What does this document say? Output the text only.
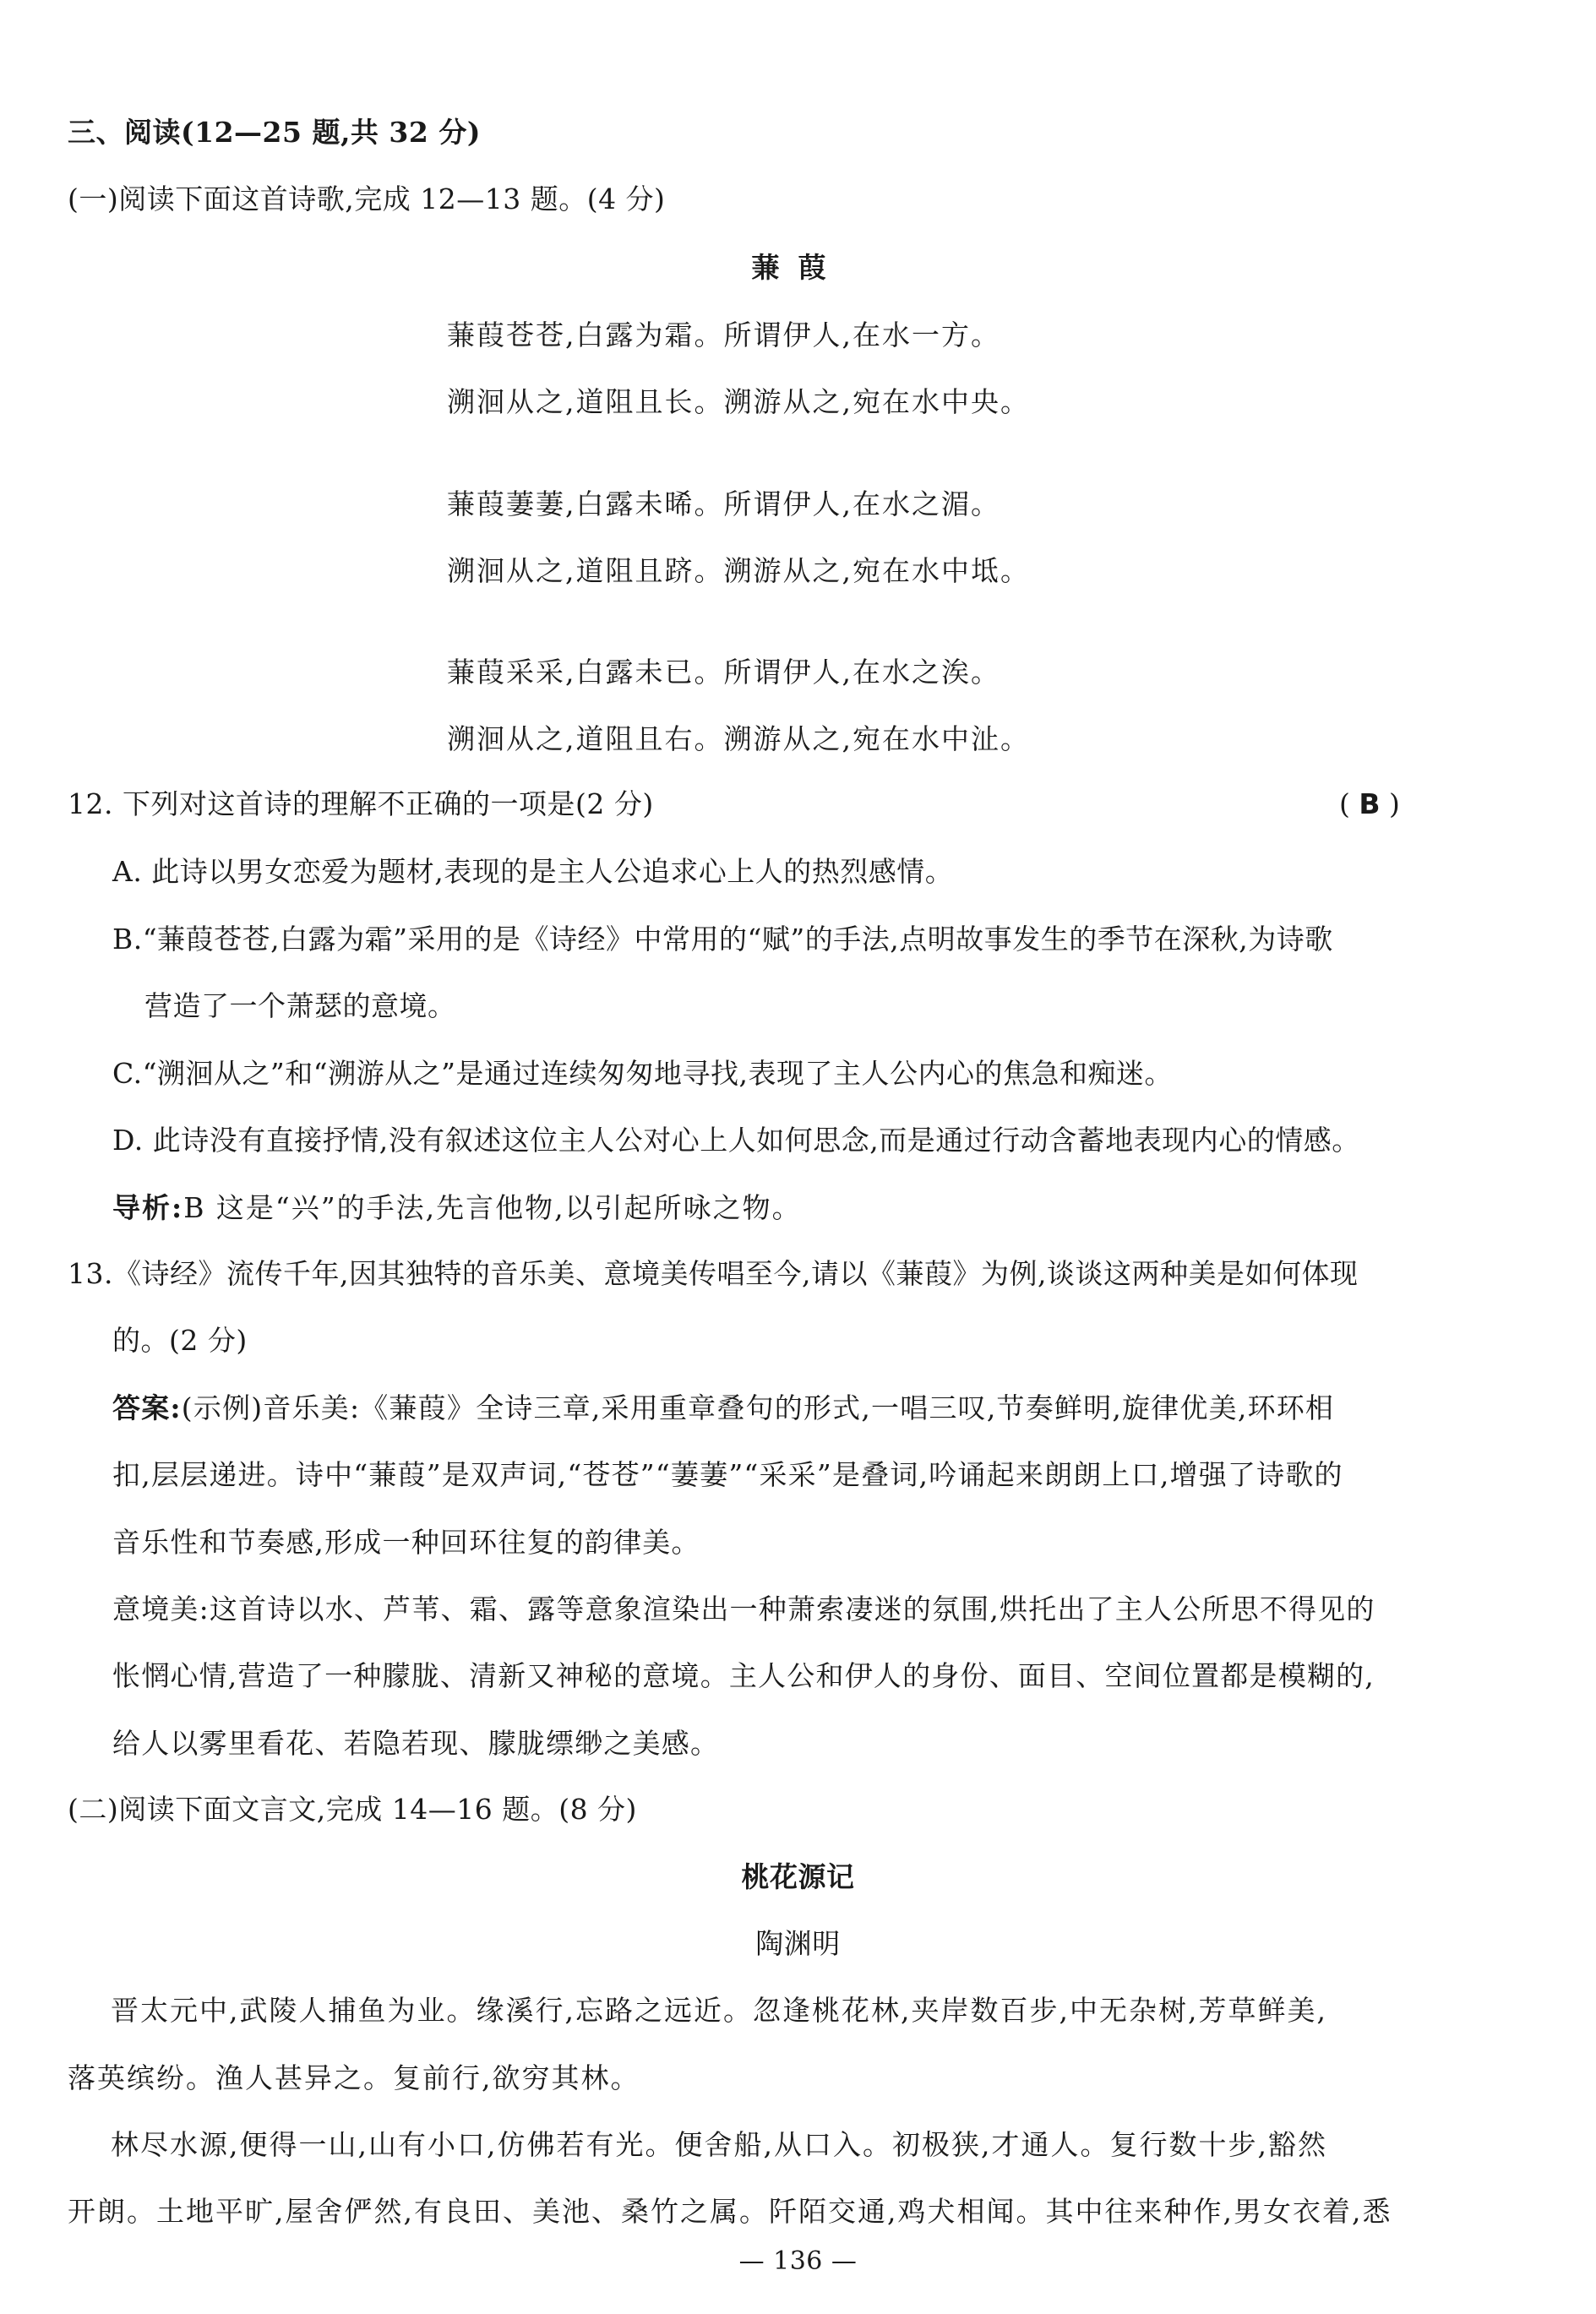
三、阅读(12—25 题,共 32 分)
(一)阅读下面这首诗歌,完成 12—13 题。(4 分)
蒹葭
蒹葭苍苍,白露为霜。所谓伊人,在水一方。
溯洄从之,道阻且长。溯游从之,宛在水中央。
蒹葭萋萋,白露未晞。所谓伊人,在水之湄。
溯洄从之,道阻且跻。溯游从之,宛在水中坻。
蒹葭采采,白露未已。所谓伊人,在水之涘。
溯洄从之,道阻且右。溯游从之,宛在水中沚。
12. 下列对这首诗的理解不正确的一项是(2 分)	( B )
A. 此诗以男女恋爱为题材,表现的是主人公追求心上人的热烈感情。
B.“蒹葭苍苍,白露为霜”采用的是《诗经》中常用的“赋”的手法,点明故事发生的季节在深秋,为诗歌
营造了一个萧瑟的意境。
C.“溯洄从之”和“溯游从之”是通过连续匆匆地寻找,表现了主人公内心的焦急和痴迷。
D. 此诗没有直接抒情,没有叙述这位主人公对心上人如何思念,而是通过行动含蓄地表现内心的情感。
导析:B 这是“兴”的手法,先言他物,以引起所咏之物。
13.《诗经》流传千年,因其独特的音乐美、意境美传唱至今,请以《蒹葭》为例,谈谈这两种美是如何体现
的。(2 分)
答案:(示例)音乐美:《蒹葭》全诗三章,采用重章叠句的形式,一唱三叹,节奏鲜明,旋律优美,环环相
扣,层层递进。诗中“蒹葭”是双声词,“苍苍”“萋萋”“采采”是叠词,吟诵起来朗朗上口,增强了诗歌的
音乐性和节奏感,形成一种回环往复的韵律美。
意境美:这首诗以水、芦苇、霜、露等意象渲染出一种萧索凄迷的氛围,烘托出了主人公所思不得见的
怅惘心情,营造了一种朦胧、清新又神秘的意境。主人公和伊人的身份、面目、空间位置都是模糊的,
给人以雾里看花、若隐若现、朦胧缥缈之美感。
(二)阅读下面文言文,完成 14—16 题。(8 分)
桃花源记
陶渊明
晋太元中,武陵人捕鱼为业。缘溪行,忘路之远近。忽逢桃花林,夹岸数百步,中无杂树,芳草鲜美,
落英缤纷。渔人甚异之。复前行,欲穷其林。
林尽水源,便得一山,山有小口,仿佛若有光。便舍船,从口入。初极狭,才通人。复行数十步,豁然
开朗。土地平旷,屋舍俨然,有良田、美池、桑竹之属。阡陌交通,鸡犬相闻。其中往来种作,男女衣着,悉
— 136 —
